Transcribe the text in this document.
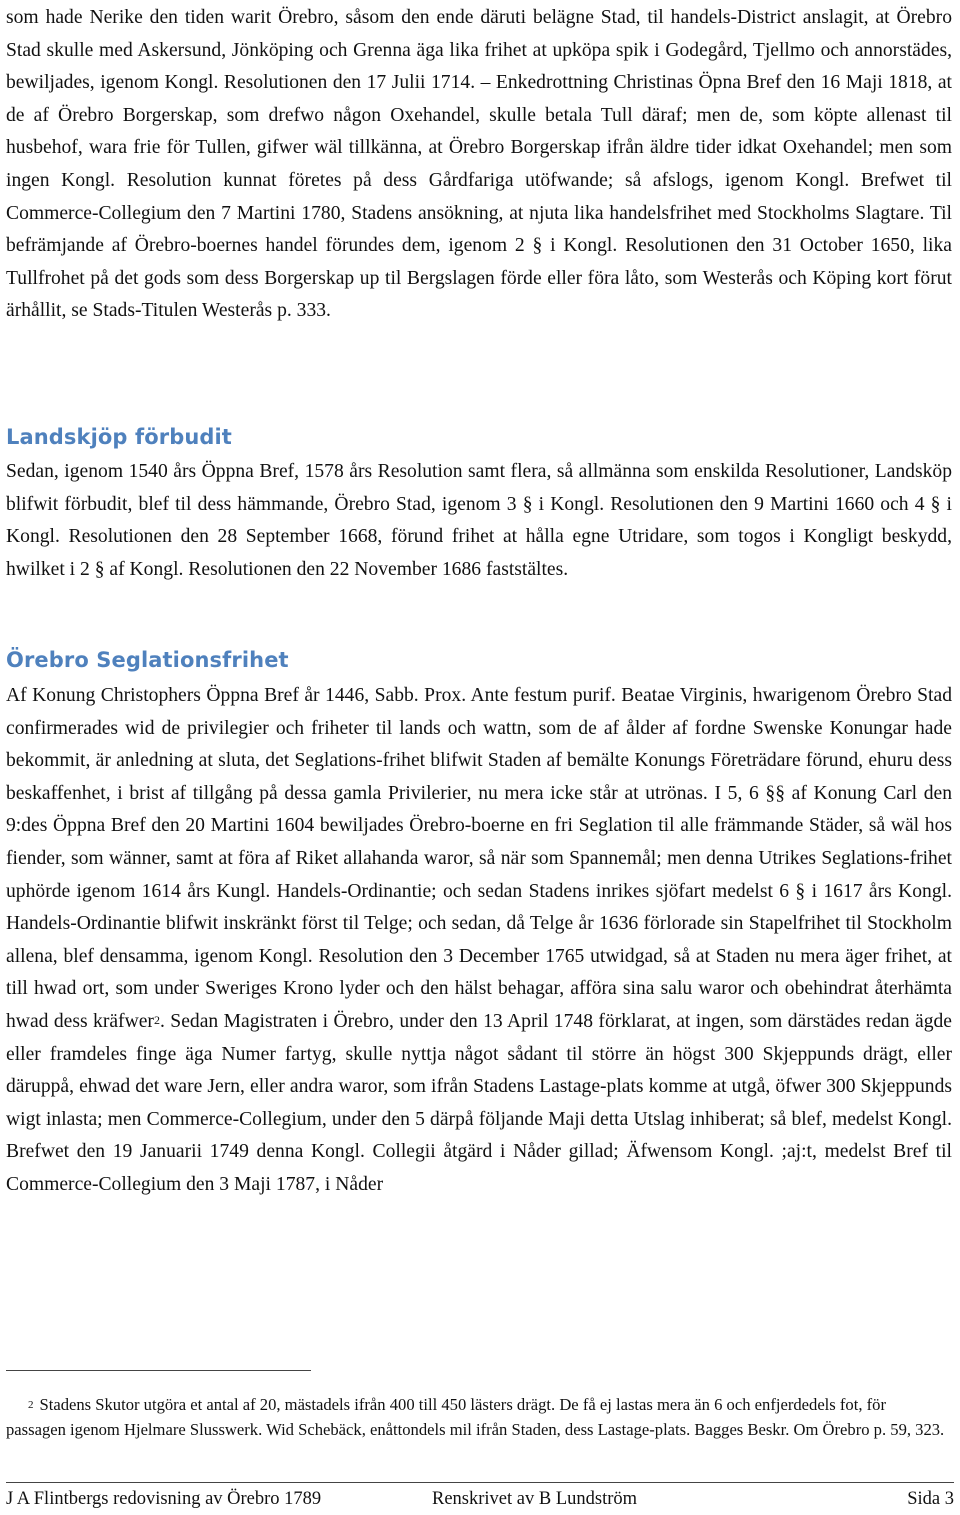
som hade Nerike den tiden warit Örebro, såsom den ende däruti belägne Stad, til handels-District anslagit, at Örebro Stad skulle med Askersund, Jönköping och Grenna äga lika frihet at upköpa spik i Godegård, Tjellmo och annorstädes, bewiljades, igenom Kongl. Resolutionen den 17 Julii 1714. – Enkedrottning Christinas Öpna Bref den 16 Maji 1818, at de af Örebro Borgerskap, som drefwo någon Oxehandel, skulle betala Tull däraf; men de, som köpte allenast til husbehof, wara frie för Tullen, gifwer wäl tillkänna, at Örebro Borgerskap ifrån äldre tider idkat Oxehandel; men som ingen Kongl. Resolution kunnat företes på dess Gårdfariga utöfwande; så afslogs, igenom Kongl. Brefwet til Commerce-Collegium den 7 Martini 1780, Stadens ansökning, at njuta lika handelsfrihet med Stockholms Slagtare. Til befrämjande af Örebro-boernes handel förundes dem, igenom 2 § i Kongl. Resolutionen den 31 October 1650, lika Tullfrohet på det gods som dess Borgerskap up til Bergslagen förde eller föra låto, som Westerås och Köping kort förut ärhållit, se Stads-Titulen Westerås p. 333.

Landskjöp förbudit

Sedan, igenom 1540 års Öppna Bref, 1578 års Resolution samt flera, så allmänna som enskilda Resolutioner, Landsköp blifwit förbudit, blef til dess hämmande, Örebro Stad, igenom 3 § i Kongl. Resolutionen den 9 Martini 1660 och 4 § i Kongl. Resolutionen den 28 September 1668, förund frihet at hålla egne Utridare, som togos i Kongligt beskydd, hwilket i 2 § af Kongl. Resolutionen den 22 November 1686 faststältes.

Örebro Seglationsfrihet

Af Konung Christophers Öppna Bref år 1446, Sabb. Prox. Ante festum purif. Beatae Virginis, hwarigenom Örebro Stad confirmerades wid de privilegier och friheter til lands och wattn, som de af ålder af fordne Swenske Konungar hade bekommit, är anledning at sluta, det Seglations-frihet blifwit Staden af bemälte Konungs Företrädare förund, ehuru dess beskaffenhet, i brist af tillgång på dessa gamla Privilerier, nu mera icke står at utrönas. I 5, 6 §§ af Konung Carl den 9:des Öppna Bref den 20 Martini 1604 bewiljades Örebro-boerne en fri Seglation til alle främmande Städer, så wäl hos fiender, som wänner, samt at föra af Riket allahanda waror, så när som Spannemål; men denna Utrikes Seglations-frihet uphörde igenom 1614 års Kungl. Handels-Ordinantie; och sedan Stadens inrikes sjöfart medelst 6 § i 1617 års Kongl. Handels-Ordinantie blifwit inskränkt först til Telge; och sedan, då Telge år 1636 förlorade sin Stapelfrihet til Stockholm allena, blef densamma, igenom Kongl. Resolution den 3 December 1765 utwidgad, så at Staden nu mera äger frihet, at till hwad ort, som under Sweriges Krono lyder och den hälst behagar, afföra sina salu waror och obehindrat återhämta hwad dess kräfwer$^2$. Sedan Magistraten i Örebro, under den 13 April 1748 förklarat, at ingen, som därstädes redan ägde eller framdeles finge äga Numer fartyg, skulle nyttja något sådant til större än högst 300 Skjeppunds drägt, eller däruppå, ehwad det ware Jern, eller andra waror, som ifrån Stadens Lastage-plats komme at utgå, öfwer 300 Skjeppunds wigt inlasta; men Commerce-Collegium, under den 5 därpå följande Maji detta Utslag inhiberat; så blef, medelst Kongl. Brefwet den 19 Januarii 1749 denna Kongl. Collegii åtgärd i Nåder gillad; Äfwensom Kongl. ;aj:t, medelst Bref til Commerce-Collegium den 3 Maji 1787, i Nåder

$^2$ Stadens Skutor utgöra et antal af 20, mästadels ifrån 400 till 450 lästers drägt. De få ej lastas mera än 6 och enfjerdedels fot, för passagen igenom Hjelmare Slusswerk. Wid Schebäck, enåttondels mil ifrån Staden, dess Lastage-plats. Bagges Beskr. Om Örebro p. 59, 323.

J A Flintbergs redovisning av Örebro 1789	Renskrivet av B Lundström	Sida 3
